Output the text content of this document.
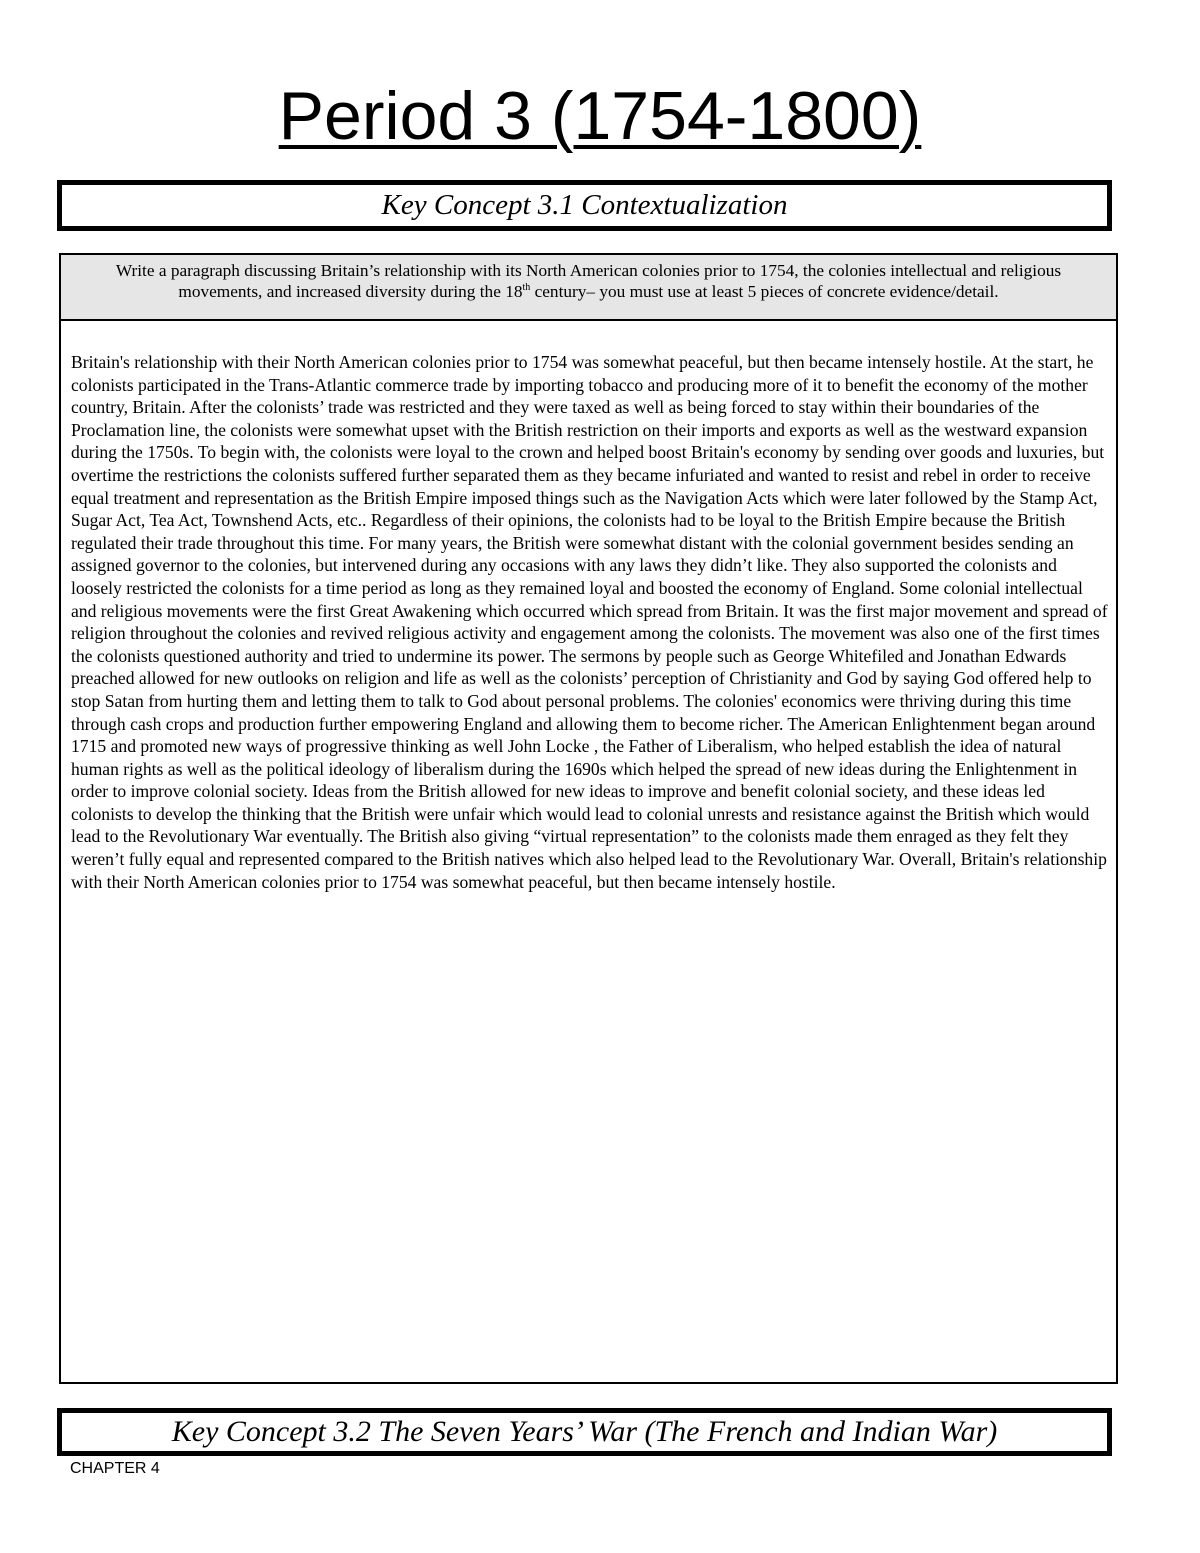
Period 3 (1754-1800)
Key Concept 3.1 Contextualization
Write a paragraph discussing Britain’s relationship with its North American colonies prior to 1754, the colonies intellectual and religious movements, and increased diversity during the 18th century– you must use at least 5 pieces of concrete evidence/detail.
Britain's relationship with their North American colonies prior to 1754 was somewhat peaceful, but then became intensely hostile. At the start, he colonists participated in the Trans-Atlantic commerce trade by importing tobacco and producing more of it to benefit the economy of the mother country, Britain. After the colonists’ trade was restricted and they were taxed as well as being forced to stay within their boundaries of the Proclamation line, the colonists were somewhat upset with the British restriction on their imports and exports as well as the westward expansion during the 1750s. To begin with, the colonists were loyal to the crown and helped boost Britain's economy by sending over goods and luxuries, but overtime the restrictions the colonists suffered further separated them as they became infuriated and wanted to resist and rebel in order to receive equal treatment and representation as the British Empire imposed things such as the Navigation Acts which were later followed by the Stamp Act, Sugar Act, Tea Act, Townshend Acts, etc.. Regardless of their opinions, the colonists had to be loyal to the British Empire because the British regulated their trade throughout this time. For many years, the British were somewhat distant with the colonial government besides sending an assigned governor to the colonies, but intervened during any occasions with any laws they didn’t like. They also supported the colonists and loosely restricted the colonists for a time period as long as they remained loyal and boosted the economy of England. Some colonial intellectual and religious movements were the first Great Awakening which occurred which spread from Britain. It was the first major movement and spread of religion throughout the colonies and revived religious activity and engagement among the colonists. The movement was also one of the first times the colonists questioned authority and tried to undermine its power. The sermons by people such as George Whitefiled and Jonathan Edwards preached allowed for new outlooks on religion and life as well as the colonists’ perception of Christianity and God by saying God offered help to stop Satan from hurting them and letting them to talk to God about personal problems. The colonies' economics were thriving during this time through cash crops and production further empowering England and allowing them to become richer. The American Enlightenment began around 1715 and promoted new ways of progressive thinking as well John Locke , the Father of Liberalism, who helped establish the idea of natural human rights as well as the political ideology of liberalism during the 1690s which helped the spread of new ideas during the Enlightenment in order to improve colonial society. Ideas from the British allowed for new ideas to improve and benefit colonial society, and these ideas led colonists to develop the thinking that the British were unfair which would lead to colonial unrests and resistance against the British which would lead to the Revolutionary War eventually. The British also giving “virtual representation” to the colonists made them enraged as they felt they weren’t fully equal and represented compared to the British natives which also helped lead to the Revolutionary War. Overall, Britain's relationship with their North American colonies prior to 1754 was somewhat peaceful, but then became intensely hostile.
Key Concept 3.2 The Seven Years’ War (The French and Indian War)
CHAPTER 4
